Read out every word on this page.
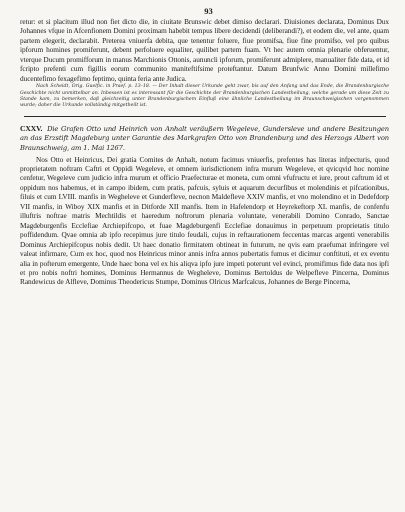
93

retur: et si placitum illud non fiet dicto die, in ciuitate Brunswic debet dimiso declarari. Diuisiones declarata, Dominus Dux Johannes vfque in Afcenfionem Domini proximam habebit tempus libere decidendi (deliberandi?), et eodem die, vel ante, quam partem elegerit, declarabit. Preterea vniuerfa debita, que tenentur foluere, fiue promifsa, fiue fine promifso, vel pro quibus ipforum homines promiferunt, debent perfoluere equaliter, quilibet partem fuam. Vt hec autem omnia plenarie obferuentur, vterque Ducum promifforum in manus Marchionis Ottonis, aununcli ipforum, promiferunt admiplere, manualiter fide data, et id fcripto prefenti cum figillis eorum communito maniteftifsime proteftantur. Datum Brunfwic Anno Domini millefimo ducentefimo fexagefimo feptimo, quinta feria ante Judica.

Nach Scheidt, Orig. Guelfic. in Praef. p. 13–18. — Der Inhalt dieser Urkunde geht zwar, bis auf den Anfang und das Ende, die Brandenburgische Geschichte nicht unmittelbar an. Inbessen ist es interessant für die Geschichte der Brandenburgischen Landestheilung, welche gerade um diese Zeit zu Stande kam, zu bemerken, daß gleichzeitig unter Brandenburgischem Einfluß eine ähnliche Landestheilung im Braunschweigischen vorgenommen wurde; daher die Urkunde vollständig mitgetheilt ist.

CXXV. Die Grafen Otto und Heinrich von Anhalt veräußern Wegeleve, Gundersleve und andere Besitzungen an das Erzstift Magdeburg unter Garantie des Markgrafen Otto von Brandenburg und des Herzogs Albert von Braunschweig, am 1. Mai 1267.

Nos Otto et Heinricus, Dei gratia Comites de Anhalt, notum facimus vniuerfis, prefentes has literas infpecturis, quod proprietatem noftram Caftri et Oppidi Wegeleve, et omnem iurisdictionem infra murum Wegeleve, et qvicqvid hoc nomine cenfetur, Wegeleve cum judicio infra murum et officio Praefecturae et moneta, cum omni vfufructu et iure, prout caftrum id et oppidum nos habemus, et in campo ibidem, cum pratis, pafcuis, syluis et aquarum decurfibus et molendinis et pifcationibus, filuis et cum LVIII. manfis in Wegheleve et Gunderfleve, necnon Maldefleve XXIV manfis, et vno molendino et in Dedefdorp VII manfis, in Wiboy XIX manfis et in Ditforde XII manfis. Item in Hafelendorp et Heyrekeftorp XL manfis, de confenfu illuftris noftrae matris Mechtildis et haeredum noftrorum plenaria voluntate, venerabili Domino Conrado, Sanctae Magdeburgenfis Ecclefiae Archiepifcopo, et fuae Magdeburgenfi Ecclefiae donauimus in perpetuum proprietatis titulo poffidendum. Qvae omnia ab ipfo recepimus jure titulo feudali, cujus in reftaurationem feccentas marcas argenti venerabilis Dominus Archiepifcopus nobis dedit. Ut haec donatio firmitatem obtineat in futurum, ne qvis eam praefumat infringere vel valeat infirmare, Cum ex hoc, quod nos Heinricus minor annis infra annos pubertatis fumus et dicimur conftituti, et ex eventu alia in pofterum emergente, Unde haec bona vel ex his aliqva ipfo jure impeti poterunt vel evinci, promifimus fide data nos ipfi et pro nobis noftri homines, Dominus Hermannus de Wegheleve, Dominus Bertoldus de Welpefleve Pincerna, Dominus Randewicus de Alfleve, Dominus Theodericus Stumpe, Dominus Olricus Marfcalcus, Johannes de Berge Pincerna,
